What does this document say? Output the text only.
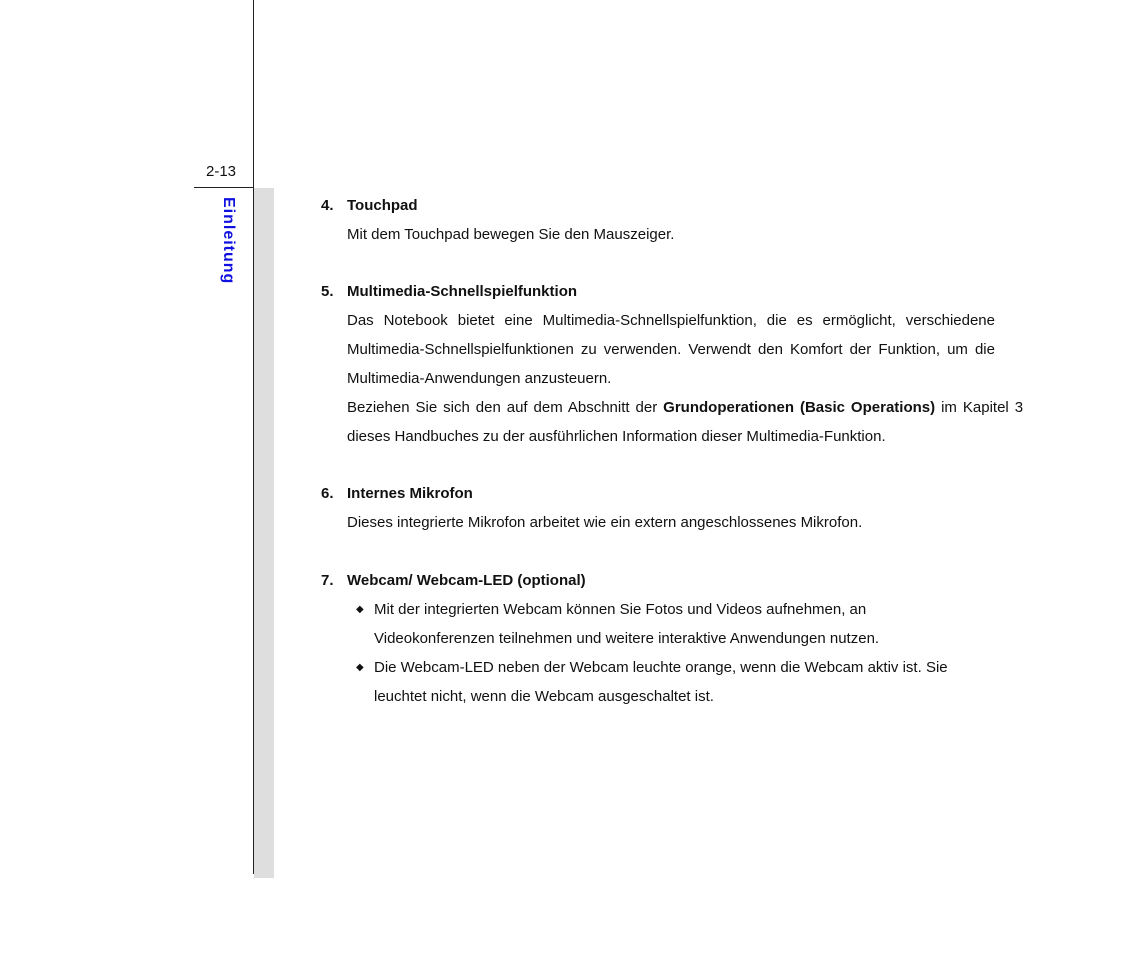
2-13
Einleitung	4. Touchpad
Mit dem Touchpad bewegen Sie den Mauszeiger.
5. Multimedia-Schnellspielfunktion
Das Notebook bietet eine Multimedia-Schnellspielfunktion, die es ermöglicht, verschiedene Multimedia-Schnellspielfunktionen zu verwenden. Verwendt den Komfort der Funktion, um die Multimedia-Anwendungen anzusteuern.
Beziehen Sie sich den auf dem Abschnitt der Grundoperationen (Basic Operations) im Kapitel 3 dieses Handbuches zu der ausführlichen Information dieser Multimedia-Funktion.
6. Internes Mikrofon
Dieses integrierte Mikrofon arbeitet wie ein extern angeschlossenes Mikrofon.
7. Webcam/ Webcam-LED (optional)
◆ Mit der integrierten Webcam können Sie Fotos und Videos aufnehmen, an Videokonferenzen teilnehmen und weitere interaktive Anwendungen nutzen.
◆ Die Webcam-LED neben der Webcam leuchte orange, wenn die Webcam aktiv ist. Sie leuchtet nicht, wenn die Webcam ausgeschaltet ist.
